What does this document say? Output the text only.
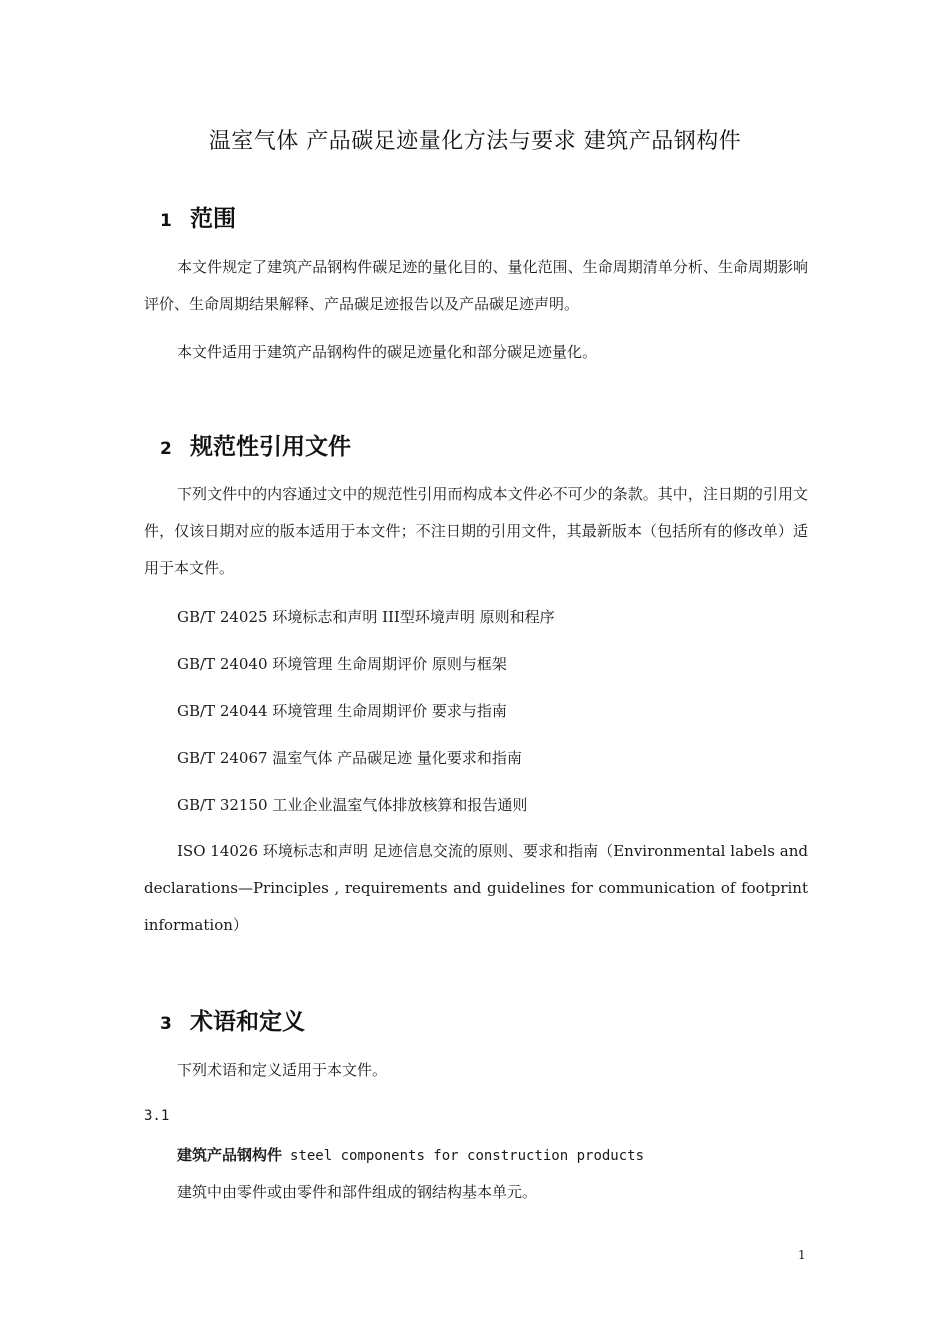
温室气体 产品碳足迹量化方法与要求 建筑产品钢构件
1 范围
本文件规定了建筑产品钢构件碳足迹的量化目的、量化范围、生命周期清单分析、生命周期影响评价、生命周期结果解释、产品碳足迹报告以及产品碳足迹声明。
本文件适用于建筑产品钢构件的碳足迹量化和部分碳足迹量化。
2 规范性引用文件
下列文件中的内容通过文中的规范性引用而构成本文件必不可少的条款。其中，注日期的引用文件，仅该日期对应的版本适用于本文件；不注日期的引用文件，其最新版本（包括所有的修改单）适用于本文件。
GB/T 24025 环境标志和声明 III型环境声明 原则和程序
GB/T 24040 环境管理 生命周期评价 原则与框架
GB/T 24044 环境管理 生命周期评价 要求与指南
GB/T 24067 温室气体 产品碳足迹 量化要求和指南
GB/T 32150 工业企业温室气体排放核算和报告通则
ISO 14026 环境标志和声明 足迹信息交流的原则、要求和指南（Environmental labels and declarations—Principles , requirements and guidelines for communication of footprint information）
3 术语和定义
下列术语和定义适用于本文件。
3.1
建筑产品钢构件 steel components for construction products
建筑中由零件或由零件和部件组成的钢结构基本单元。
1
